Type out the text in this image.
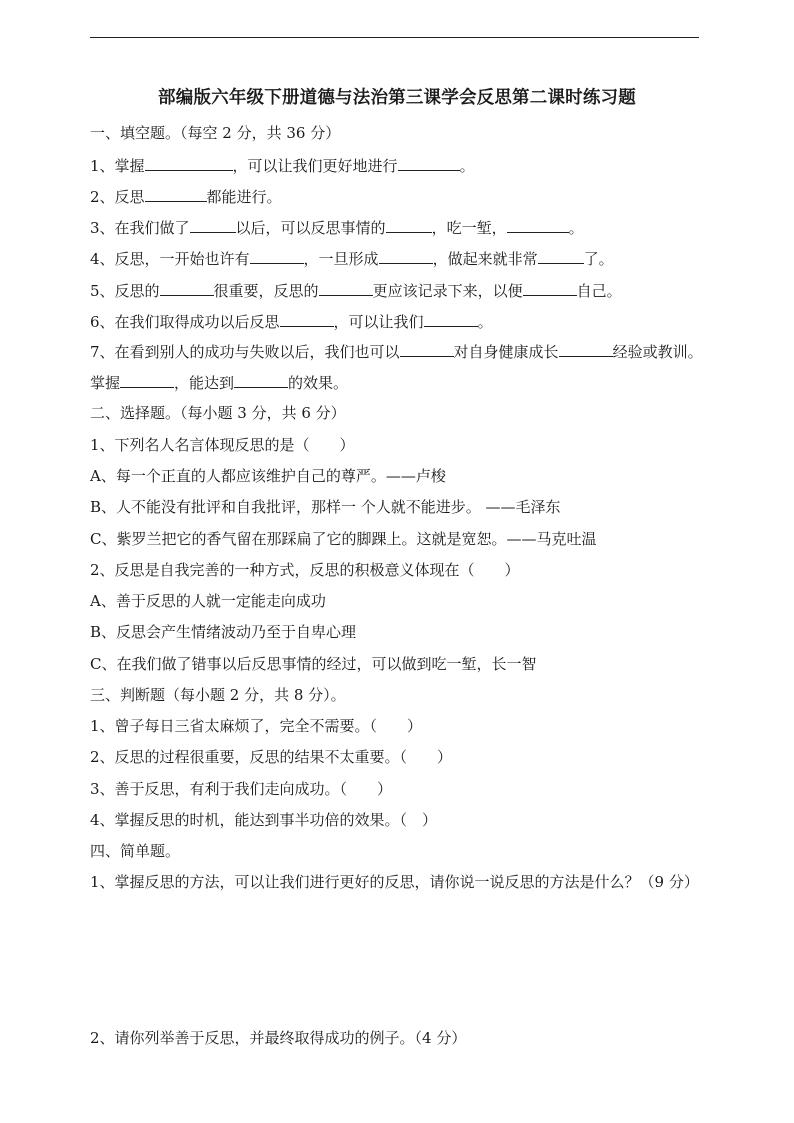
部编版六年级下册道德与法治第三课学会反思第二课时练习题
一、填空题。（每空 2 分，共 36 分）
1、掌握	，可以让我们更好地进行	。
2、反思	都能进行。
3、在我们做了	以后，可以反思事情的	，吃一堑，	。
4、反思，一开始也许有	，一旦形成	，做起来就非常	了。
5、反思的	很重要，反思的	更应该记录下来，以便	自己。
6、在我们取得成功以后反思	，可以让我们	。
7、在看到别人的成功与失败以后，我们也可以	对自身健康成长	经验或教训。掌握	，能达到	的效果。
二、选择题。（每小题 3 分，共 6 分）
1、下列名人名言体现反思的是（　　）
A、每一个正直的人都应该维护自己的尊严。——卢梭
B、人不能没有批评和自我批评，那样一 个人就不能进步。 ——毛泽东
C、紫罗兰把它的香气留在那踩扁了它的脚踝上。这就是宽恕。——马克吐温
2、反思是自我完善的一种方式，反思的积极意义体现在（　　）
A、善于反思的人就一定能走向成功
B、反思会产生情绪波动乃至于自卑心理
C、在我们做了错事以后反思事情的经过，可以做到吃一堑，长一智
三、判断题（每小题 2 分，共 8 分）。
1、曾子每日三省太麻烦了，完全不需要。（　　）
2、反思的过程很重要，反思的结果不太重要。（　　）
3、善于反思，有利于我们走向成功。（　　）
4、掌握反思的时机，能达到事半功倍的效果。（　）
四、简单题。
1、掌握反思的方法，可以让我们进行更好的反思，请你说一说反思的方法是什么？（9 分）
2、请你列举善于反思，并最终取得成功的例子。（4 分）
